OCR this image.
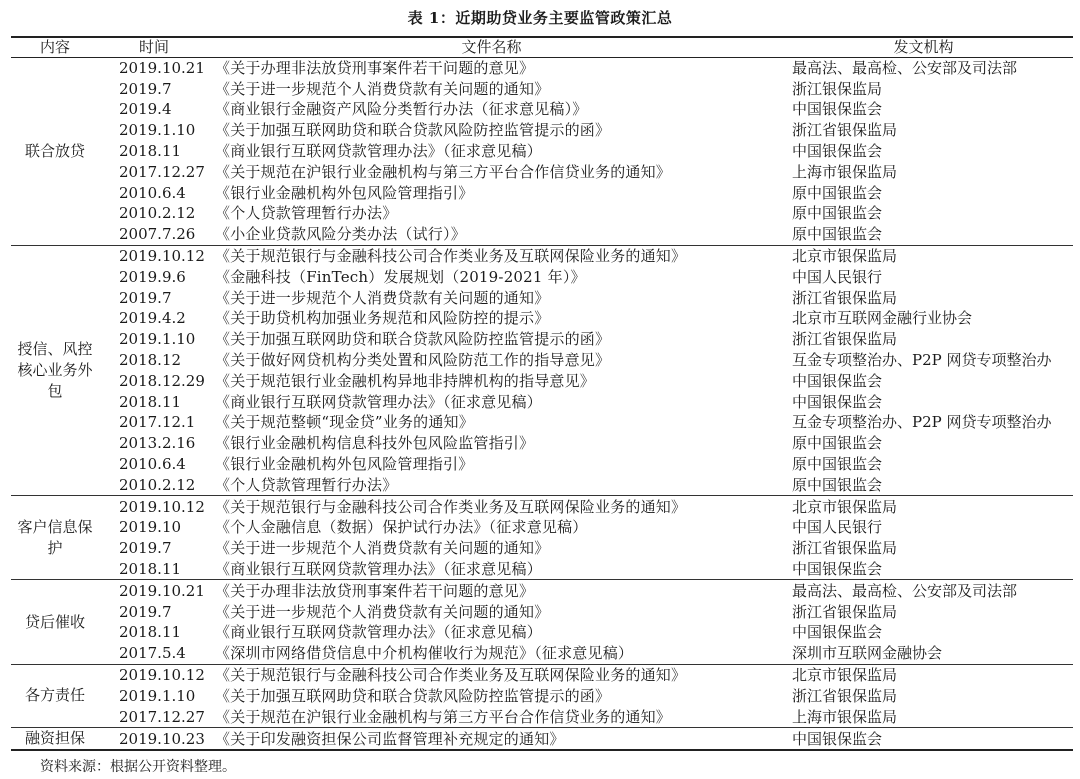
表 1：近期助贷业务主要监管政策汇总
内容	时间	文件名称	发文机构
联合放贷	2019.10.21	《关于办理非法放贷刑事案件若干问题的意见》	最高法、最高检、公安部及司法部
	2019.7	《关于进一步规范个人消费贷款有关问题的通知》	浙江银保监局
	2019.4	《商业银行金融资产风险分类暂行办法（征求意见稿）》	中国银保监会
	2019.1.10	《关于加强互联网助贷和联合贷款风险防控监管提示的函》	浙江省银保监局
	2018.11	《商业银行互联网贷款管理办法》（征求意见稿）	中国银保监会
	2017.12.27	《关于规范在沪银行业金融机构与第三方平台合作信贷业务的通知》	上海市银保监局
	2010.6.4	《银行业金融机构外包风险管理指引》	原中国银监会
	2010.2.12	《个人贷款管理暂行办法》	原中国银监会
	2007.7.26	《小企业贷款风险分类办法（试行）》	原中国银监会
授信、风控核心业务外包	2019.10.12	《关于规范银行与金融科技公司合作类业务及互联网保险业务的通知》	北京市银保监局
	2019.9.6	《金融科技（FinTech）发展规划（2019-2021 年）》	中国人民银行
	2019.7	《关于进一步规范个人消费贷款有关问题的通知》	浙江省银保监局
	2019.4.2	《关于助贷机构加强业务规范和风险防控的提示》	北京市互联网金融行业协会
	2019.1.10	《关于加强互联网助贷和联合贷款风险防控监管提示的函》	浙江省银保监局
	2018.12	《关于做好网贷机构分类处置和风险防范工作的指导意见》	互金专项整治办、P2P 网贷专项整治办
	2018.12.29	《关于规范银行业金融机构异地非持牌机构的指导意见》	中国银保监会
	2018.11	《商业银行互联网贷款管理办法》（征求意见稿）	中国银保监会
	2017.12.1	《关于规范整顿“现金贷”业务的通知》	互金专项整治办、P2P 网贷专项整治办
	2013.2.16	《银行业金融机构信息科技外包风险监管指引》	原中国银监会
	2010.6.4	《银行业金融机构外包风险管理指引》	原中国银监会
	2010.2.12	《个人贷款管理暂行办法》	原中国银监会
客户信息保护	2019.10.12	《关于规范银行与金融科技公司合作类业务及互联网保险业务的通知》	北京市银保监局
	2019.10	《个人金融信息（数据）保护试行办法》（征求意见稿）	中国人民银行
	2019.7	《关于进一步规范个人消费贷款有关问题的通知》	浙江省银保监局
	2018.11	《商业银行互联网贷款管理办法》（征求意见稿）	中国银保监会
贷后催收	2019.10.21	《关于办理非法放贷刑事案件若干问题的意见》	最高法、最高检、公安部及司法部
	2019.7	《关于进一步规范个人消费贷款有关问题的通知》	浙江省银保监局
	2018.11	《商业银行互联网贷款管理办法》（征求意见稿）	中国银保监会
	2017.5.4	《深圳市网络借贷信息中介机构催收行为规范》（征求意见稿）	深圳市互联网金融协会
各方责任	2019.10.12	《关于规范银行与金融科技公司合作类业务及互联网保险业务的通知》	北京市银保监局
	2019.1.10	《关于加强互联网助贷和联合贷款风险防控监管提示的函》	浙江省银保监局
	2017.12.27	《关于规范在沪银行业金融机构与第三方平台合作信贷业务的通知》	上海市银保监局
融资担保	2019.10.23	《关于印发融资担保公司监督管理补充规定的通知》	中国银保监会
资料来源：根据公开资料整理。
